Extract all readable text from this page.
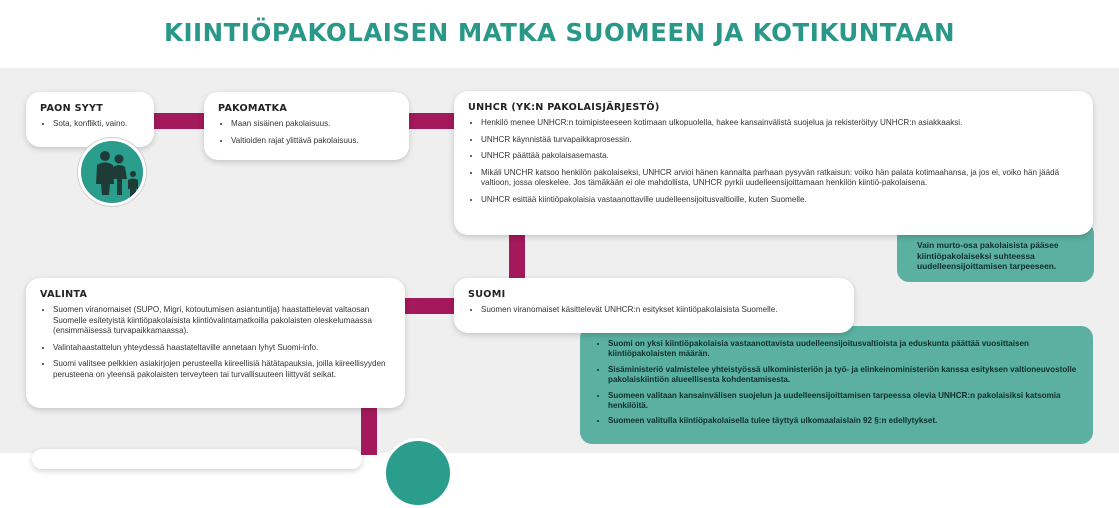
KIINTIÖPAKOLAISEN MATKA SUOMEEN JA KOTIKUNTAAN
Vain murto-osa pakolaisista pääsee kiintiöpakolaiseksi suhteessa uudelleensijoittamisen tarpeeseen.
• Suomi on yksi kiintiöpakolaisia vastaanottavista uudelleensijoitusvaltioista ja eduskunta päättää vuosittaisen kiintiöpakolaisten määrän.
• Sisäministeriö valmistelee yhteistyössä ulkoministeriön ja työ- ja elinkeinoministeriön kanssa esityksen valtioneuvostolle pakolaiskiintiön alueellisesta kohdentamisesta.
• Suomeen valitaan kansainvälisen suojelun ja uudelleensijoittamisen tarpeessa olevia UNHCR:n pakolaisiksi katsomia henkilöitä.
• Suomeen valitulla kiintiöpakolaisella tulee täyttyä ulkomaalaislain 92 §:n edellytykset.
PAON SYYT
• Sota, konflikti, vaino.
PAKOMATKA
• Maan sisäinen pakolaisuus.
• Valtioiden rajat ylittävä pakolaisuus.
UNHCR (YK:N PAKOLAISJÄRJESTÖ)
• Henkilö menee UNHCR:n toimipisteeseen kotimaan ulkopuolella, hakee kansainvälistä suojelua ja rekisteröityy UNHCR:n asiakkaaksi.
• UNHCR käynnistää turvapaikkaprosessin.
• UNHCR päättää pakolaisasemasta.
• Mikäli UNCHR katsoo henkilön pakolaiseksi, UNHCR arvioi hänen kannalta parhaan pysyvän ratkaisun: voiko hän palata kotimaahansa, ja jos ei, voiko hän jäädä valtioon, jossa oleskelee. Jos tämäkään ei ole mahdollista, UNHCR pyrkii uudelleensijoittamaan henkilön kiintiö-pakolaisena.
• UNHCR esittää kiintiöpakolaisia vastaanottaville uudelleensijoitusvaltioille, kuten Suomelle.
SUOMI
• Suomen viranomaiset käsittelevät UNHCR:n esitykset kiintiöpakolaisista Suomelle.
VALINTA
• Suomen viranomaiset (SUPO, Migri, kotoutumisen asiantuntija) haastattelevat valtaosan Suomelle esitetyistä kiintiöpakolaisista kiintiövalintamatkoilla pakolaisten oleskelumaassa (ensimmäisessä turvapaikkamaassa).
• Valintahaastattelun yhteydessä haastateltaville annetaan lyhyt Suomi-info.
• Suomi valitsee pelkkien asiakirjojen perusteella kiireellisiä hätätapauksia, joilla kiireellisyyden perusteena on yleensä pakolaisten terveyteen tai turvallisuuteen liittyvät seikat.
